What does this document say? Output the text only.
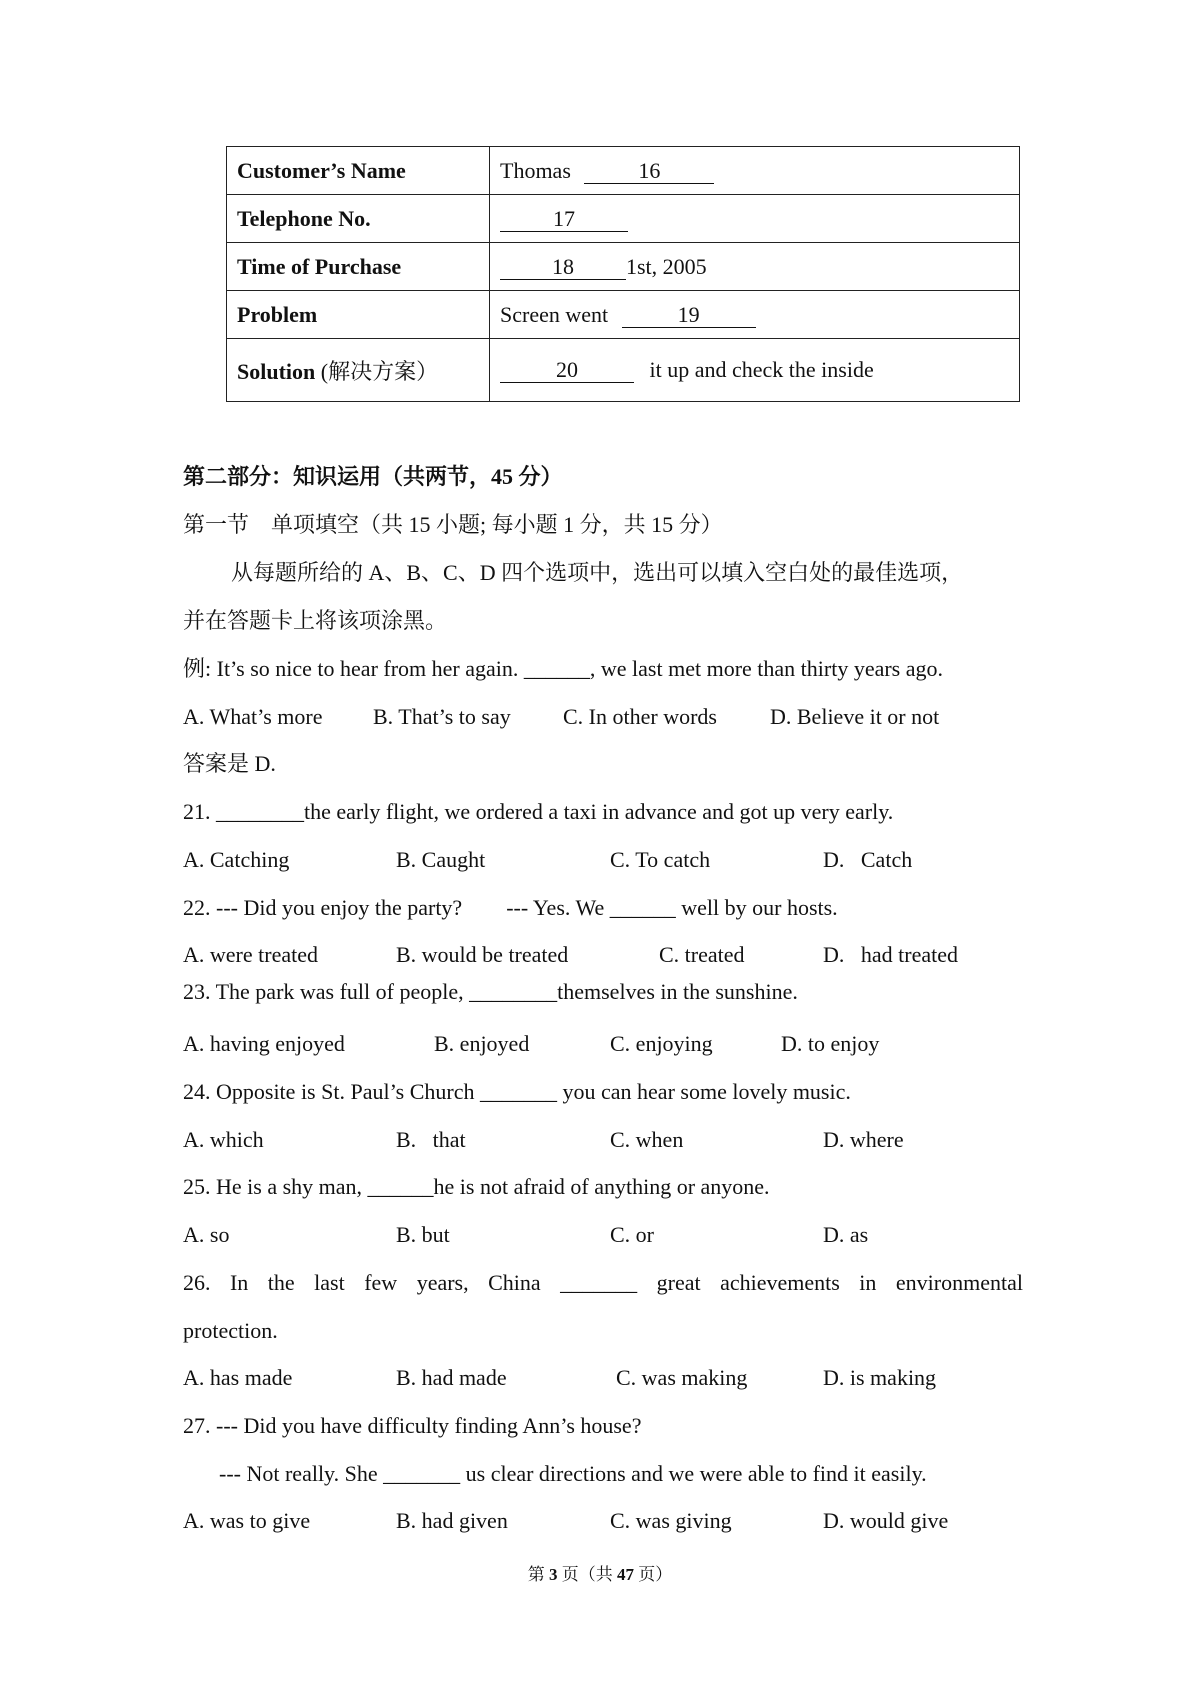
Customer’s Name	Thomas 16
Telephone No.	17
Time of Purchase	18 1st, 2005
Problem	Screen went 19
Solution (解决方案）	20 it up and check the inside
第二部分：知识运用（共两节，45 分）
第一节　单项填空（共 15 小题; 每小题 1 分，共 15 分）
从每题所给的 A、B、C、D 四个选项中，选出可以填入空白处的最佳选项，
并在答题卡上将该项涂黑。
例: It’s so nice to hear from her again. ______, we last met more than thirty years ago.
A. What’s more B. That’s to say C. In other words D. Believe it or not
答案是 D.
21. ________the early flight, we ordered a taxi in advance and got up very early.
A. Catching	B. Caught	C. To catch	D.   Catch
22. --- Did you enjoy the party?        --- Yes. We ______ well by our hosts.
A. were treated	B. would be treated	C. treated	D.   had treated
23. The park was full of people, ________themselves in the sunshine.
A. having enjoyed	B. enjoyed	C. enjoying	D. to enjoy
24. Opposite is St. Paul’s Church _______ you can hear some lovely music.
A. which	B.   that	C. when	D. where
25. He is a shy man, ______he is not afraid of anything or anyone.
A. so	B. but	C. or	D. as
26. In the last few years, China _______ great achievements in environmental
protection.
A. has made	B. had made	C. was making	D. is making
27. --- Did you have difficulty finding Ann’s house?
--- Not really. She _______ us clear directions and we were able to find it easily.
A. was to give	B. had given	C. was giving	D. would give
第 3 页（共 47 页）
